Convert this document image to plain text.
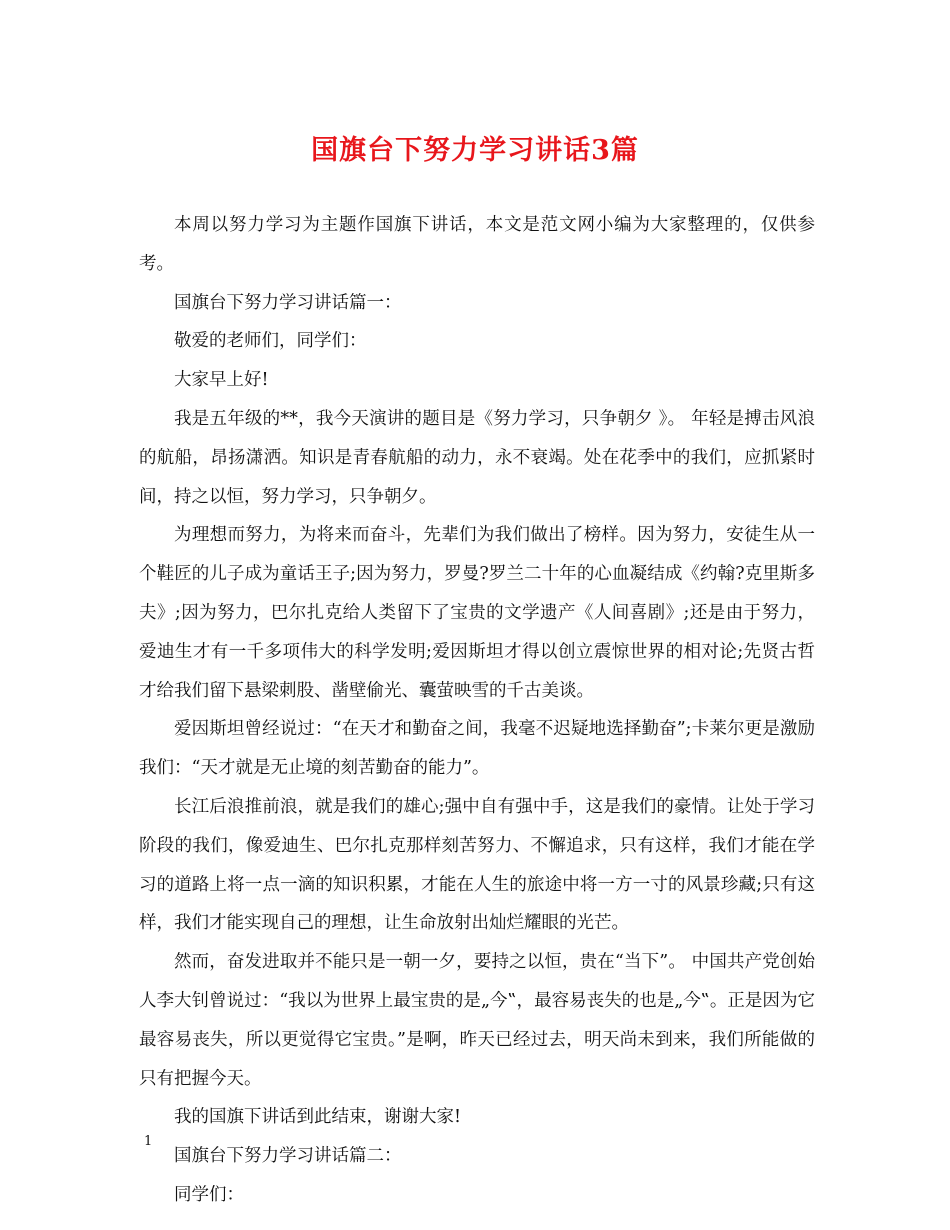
国旗台下努力学习讲话3篇

本周以努力学习为主题作国旗下讲话，本文是范文网小编为大家整理的，仅供参考。

国旗台下努力学习讲话篇一：

敬爱的老师们，同学们：

大家早上好!

我是五年级的**，我今天演讲的题目是《努力学习，只争朝夕 》。 年轻是搏击风浪的航船，昂扬潇洒。知识是青春航船的动力，永不衰竭。处在花季中的我们，应抓紧时间，持之以恒，努力学习，只争朝夕。

为理想而努力，为将来而奋斗，先辈们为我们做出了榜样。因为努力，安徒生从一个鞋匠的儿子成为童话王子;因为努力，罗曼?罗兰二十年的心血凝结成《约翰?克里斯多夫》;因为努力，巴尔扎克给人类留下了宝贵的文学遗产《人间喜剧》;还是由于努力，爱迪生才有一千多项伟大的科学发明;爱因斯坦才得以创立震惊世界的相对论;先贤古哲才给我们留下悬梁刺股、凿壁偷光、囊萤映雪的千古美谈。

爱因斯坦曾经说过：“在天才和勤奋之间，我毫不迟疑地选择勤奋”;卡莱尔更是激励我们：“天才就是无止境的刻苦勤奋的能力”。

长江后浪推前浪，就是我们的雄心;强中自有强中手，这是我们的豪情。让处于学习阶段的我们，像爱迪生、巴尔扎克那样刻苦努力、不懈追求，只有这样，我们才能在学习的道路上将一点一滴的知识积累，才能在人生的旅途中将一方一寸的风景珍藏;只有这样，我们才能实现自己的理想，让生命放射出灿烂耀眼的光芒。

然而，奋发进取并不能只是一朝一夕，要持之以恒，贵在“当下”。 中国共产党创始人李大钊曾说过：“我以为世界上最宝贵的是„今‟，最容易丧失的也是„今‟。正是因为它最容易丧失，所以更觉得它宝贵。”是啊，昨天已经过去，明天尚未到来，我们所能做的只有把握今天。

我的国旗下讲话到此结束，谢谢大家!

国旗台下努力学习讲话篇二：

同学们：

1
